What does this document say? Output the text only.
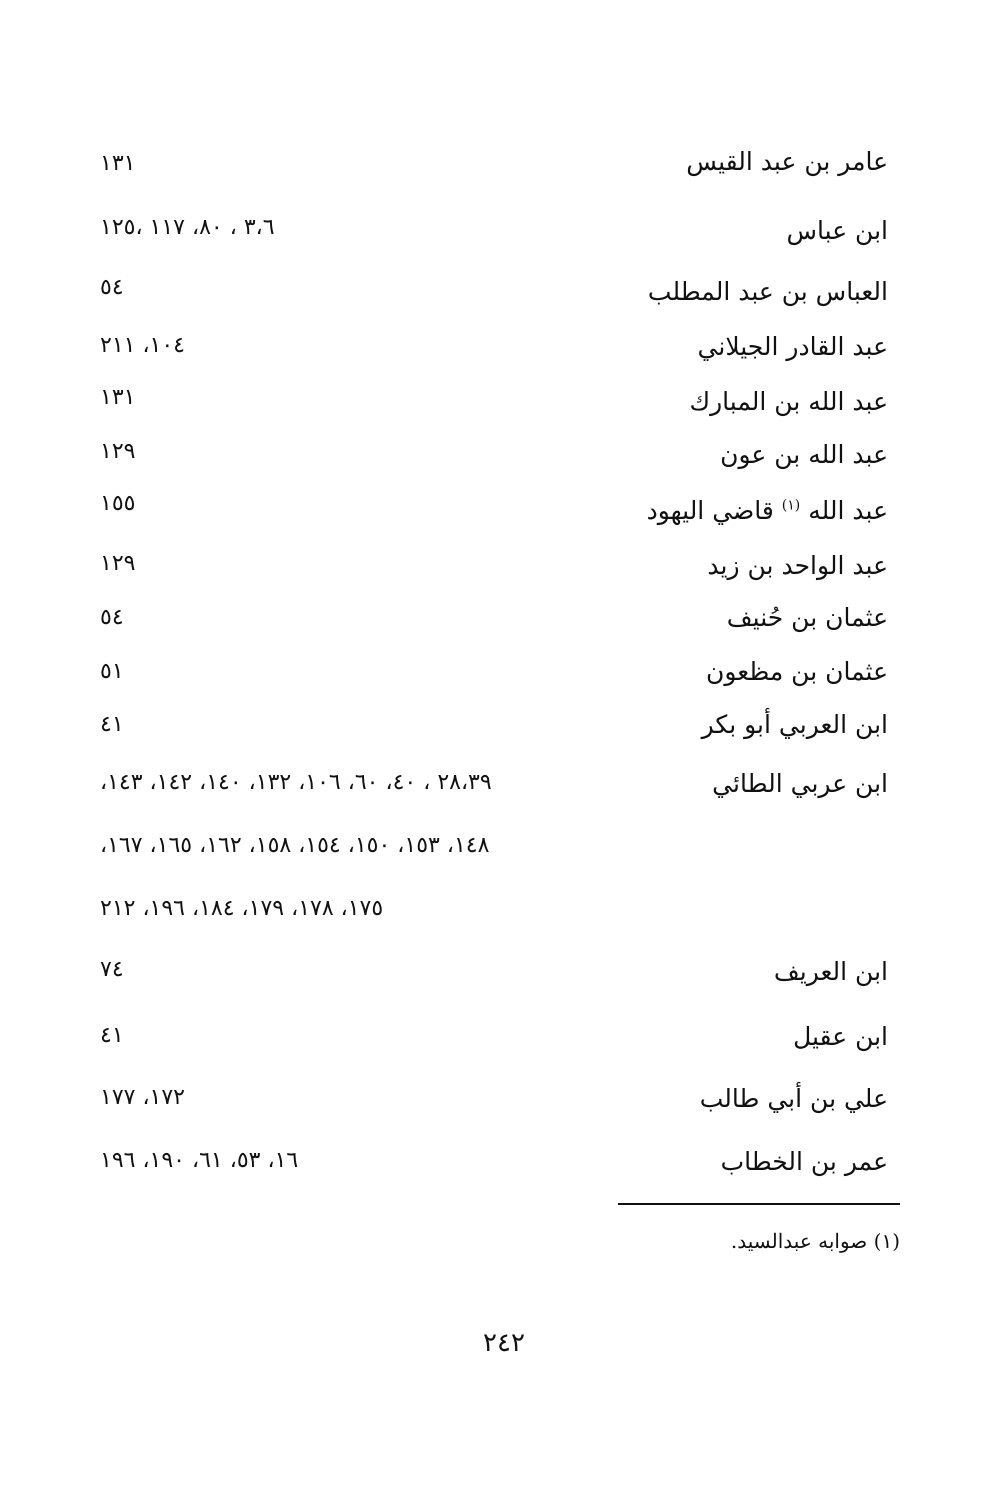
عامر بن عبد القيس
١٣١
ابن عباس
٣،٦ ، ٨٠، ١١٧ ،١٢٥
العباس بن عبد المطلب
٥٤
عبد القادر الجيلاني
١٠٤، ٢١١
عبد الله بن المبارك
١٣١
عبد الله بن عون
١٢٩
عبد الله $^{(١)}$ قاضي اليهود
١٥٥
عبد الواحد بن زيد
١٢٩
عثمان بن حُنيف
٥٤
عثمان بن مظعون
٥١
ابن العربي أبو بكر
٤١
ابن عربي الطائي
٢٨،٣٩ ، ٤٠، ٦٠، ١٠٦، ١٣٢، ١٤٠، ١٤٢، ١٤٣،
١٤٨، ١٥٣، ١٥٠، ١٥٤، ١٥٨، ١٦٢، ١٦٥، ١٦٧،
١٧٥، ١٧٨، ١٧٩، ١٨٤، ١٩٦، ٢١٢
ابن العريف
٧٤
ابن عقيل
٤١
علي بن أبي طالب
١٧٢، ١٧٧
عمر بن الخطاب
١٦، ٥٣، ٦١، ١٩٠، ١٩٦
(١) صوابه عبدالسيد.
٢٤٢
